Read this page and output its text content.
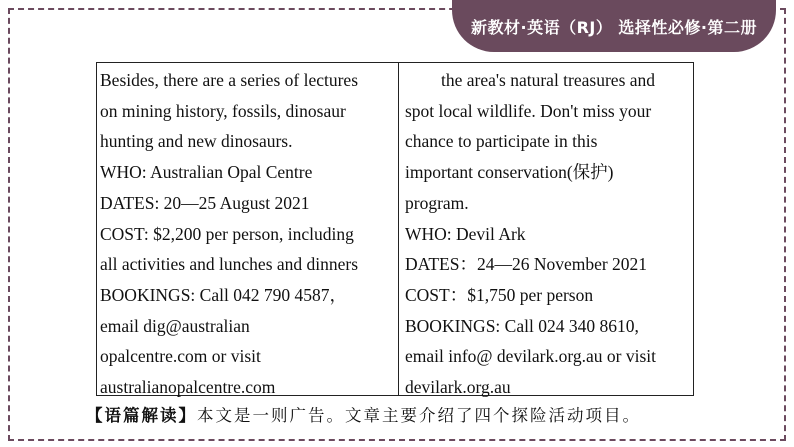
新教材·英语（RJ） 选择性必修·第二册
Besides, there are a series of lectures
on mining history, fossils, dinosaur
hunting and new dinosaurs.
WHO: Australian Opal Centre
DATES: 20—25 August 2021
COST: $2,200 per person, including
all activities and lunches and dinners
BOOKINGS: Call 042 790 4587，
email dig@australian
opalcentre.com or visit
australianopalcentre.com
the area's natural treasures and
spot local wildlife. Don't miss your
chance to participate in this
important conservation(保护)
program.
WHO: Devil Ark
DATES：24—26 November 2021
COST：$1,750 per person
BOOKINGS: Call 024 340 8610,
email info@ devilark.org.au or visit
devilark.org.au
【语篇解读】本文是一则广告。文章主要介绍了四个探险活动项目。
